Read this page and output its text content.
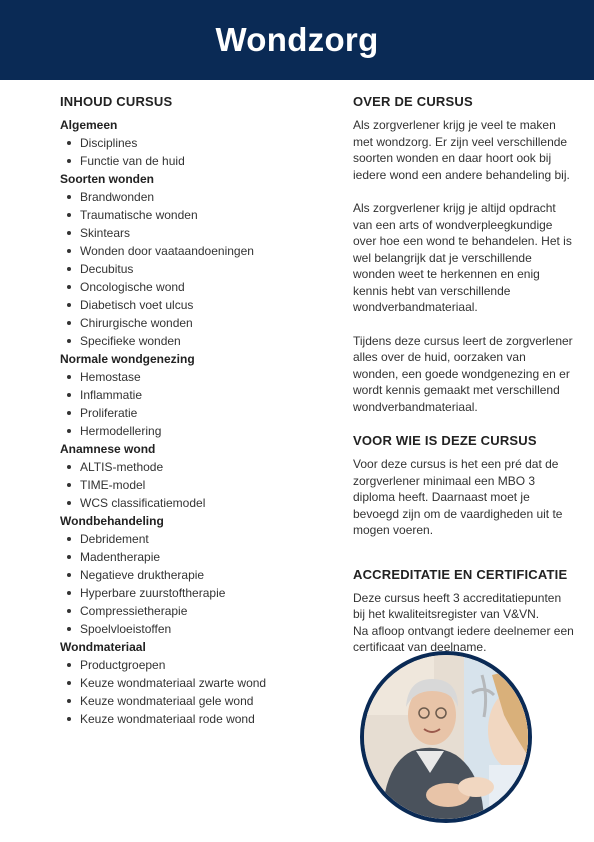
Wondzorg
INHOUD CURSUS
Algemeen
Disciplines
Functie van de huid
Soorten wonden
Brandwonden
Traumatische wonden
Skintears
Wonden door vaataandoeningen
Decubitus
Oncologische wond
Diabetisch voet ulcus
Chirurgische wonden
Specifieke wonden
Normale wondgenezing
Hemostase
Inflammatie
Proliferatie
Hermodellering
Anamnese wond
ALTIS-methode
TIME-model
WCS classificatiemodel
Wondbehandeling
Debridement
Madentherapie
Negatieve druktherapie
Hyperbare zuurstoftherapie
Compressietherapie
Spoelvloeistoffen
Wondmateriaal
Productgroepen
Keuze wondmateriaal zwarte wond
Keuze wondmateriaal gele wond
Keuze wondmateriaal rode wond
OVER DE CURSUS

Als zorgverlener krijg je veel te maken
met wondzorg. Er zijn veel verschillende
soorten wonden en daar hoort ook bij
iedere wond een andere behandeling bij.

Als zorgverlener krijg je altijd opdracht
van een arts of wondverpleegkundige
over hoe een wond te behandelen. Het is
wel belangrijk dat je verschillende
wonden weet te herkennen en enig
kennis hebt van verschillende
wondverbandmateriaal.

Tijdens deze cursus leert de zorgverlener
alles over de huid, oorzaken van
wonden, een goede wondgenezing en er
wordt kennis gemaakt met verschillend
wondverbandmateriaal.

VOOR WIE IS DEZE CURSUS

Voor deze cursus is het een pré dat de
zorgverlener minimaal een MBO 3
diploma heeft. Daarnaast moet je
bevoegd zijn om de vaardigheden uit te
mogen voeren.

ACCREDITATIE EN CERTIFICATIE

Deze cursus heeft 3 accreditatiepunten
bij het kwaliteitsregister van V&VN.
Na afloop ontvangt iedere deelnemer een
certificaat van deelname.
